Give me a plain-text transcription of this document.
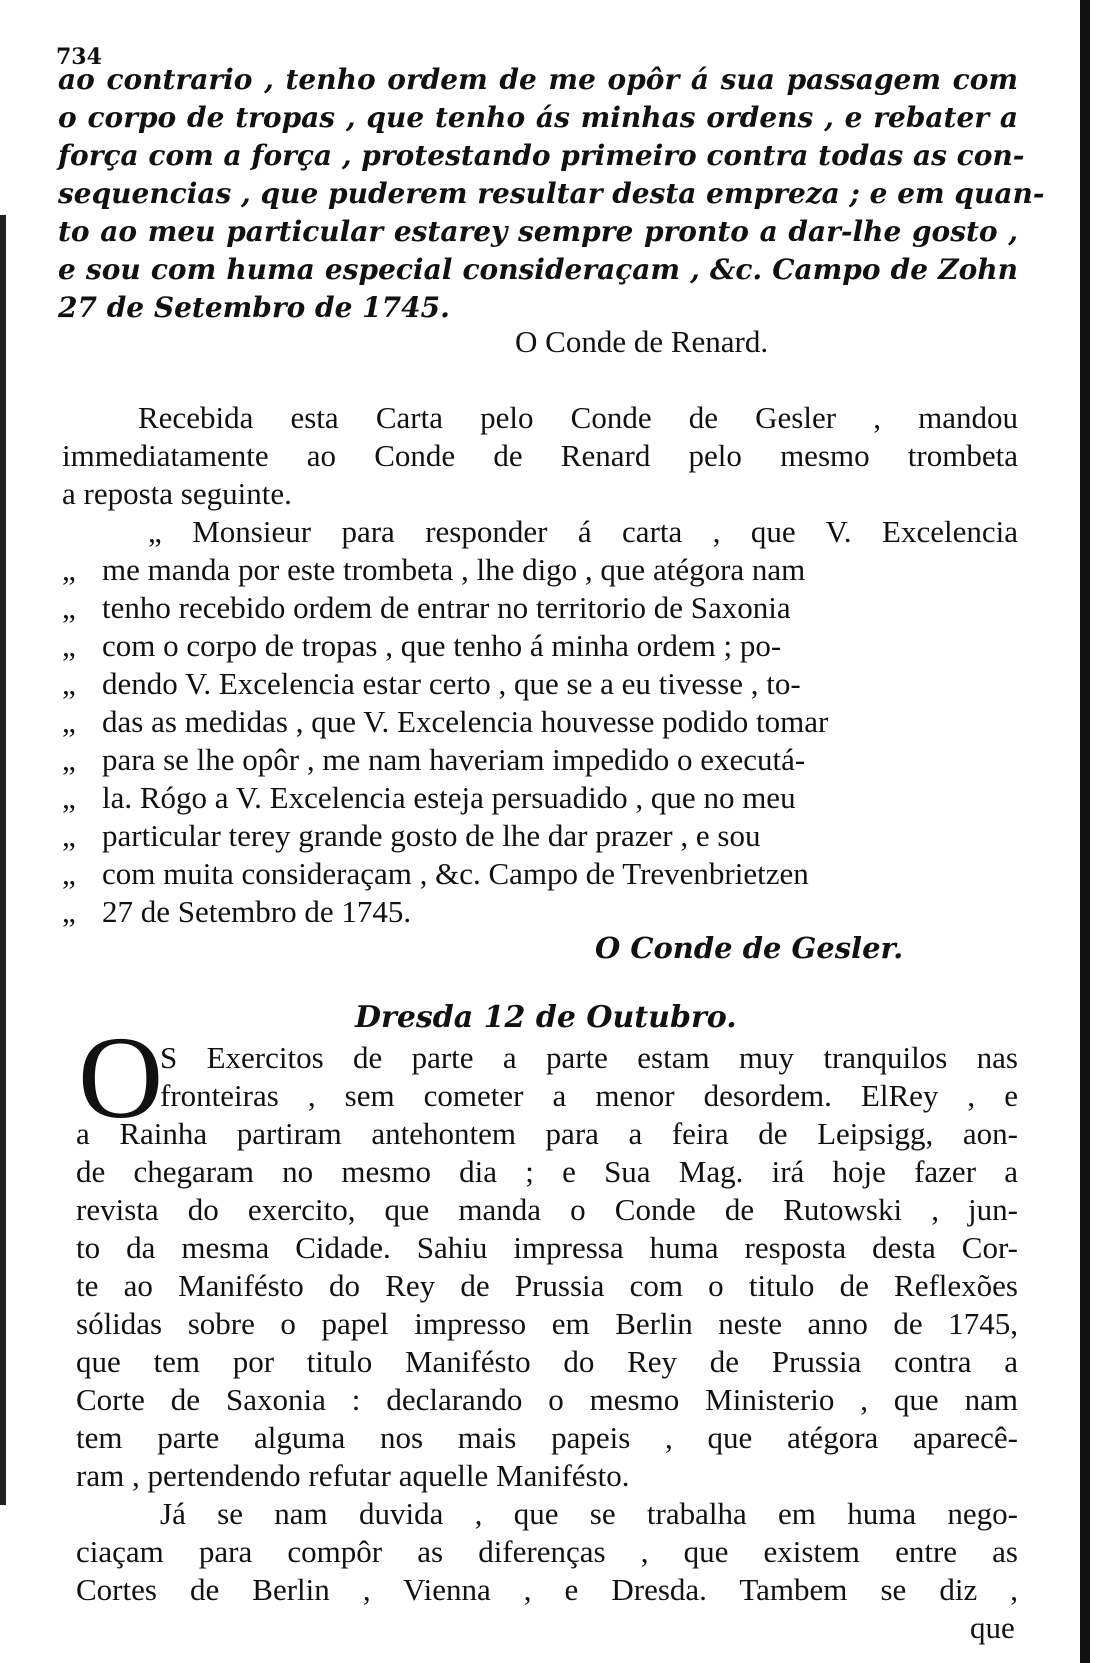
734
ao contrario , tenho ordem de me opôr á sua passagem com
o corpo de tropas , que tenho ás minhas ordens , e rebater a
força com a força , protestando primeiro contra todas as con-
sequencias , que puderem resultar desta empreza ; e em quan-
to ao meu particular estarey sempre pronto a dar-lhe gosto ,
e sou com huma especial consideraçam , &c. Campo de Zohn
27 de Setembro de 1745.
O Conde de Renard.
Recebida esta Carta pelo Conde de Gesler , mandou
immediatamente ao Conde de Renard pelo mesmo trombeta
a reposta seguinte.
„ Monsieur para responder á carta , que V. Excelencia
„ me manda por este trombeta , lhe digo , que atégora nam
„ tenho recebido ordem de entrar no territorio de Saxonia
„ com o corpo de tropas , que tenho á minha ordem ; po-
„ dendo V. Excelencia estar certo , que se a eu tivesse , to-
„ das as medidas , que V. Excelencia houvesse podido tomar
„ para se lhe opôr , me nam haveriam impedido o executá-
„ la. Rógo a V. Excelencia esteja persuadido , que no meu
„ particular terey grande gosto de lhe dar prazer , e sou
„ com muita consideraçam , &c. Campo de Trevenbrietzen
„ 27 de Setembro de 1745.
O Conde de Gesler.
Dresda 12 de Outubro.
O
S Exercitos de parte a parte estam muy tranquilos nas
fronteiras , sem cometer a menor desordem. ElRey , e
a Rainha partiram antehontem para a feira de Leipsigg, aon-
de chegaram no mesmo dia ; e Sua Mag. irá hoje fazer a
revista do exercito, que manda o Conde de Rutowski , jun-
to da mesma Cidade. Sahiu impressa huma resposta desta Cor-
te ao Manifésto do Rey de Prussia com o titulo de Reflexões
sólidas sobre o papel impresso em Berlin neste anno de 1745,
que tem por titulo Manifésto do Rey de Prussia contra a
Corte de Saxonia : declarando o mesmo Ministerio , que nam
tem parte alguma nos mais papeis , que atégora aparecê-
ram , pertendendo refutar aquelle Manifésto.
Já se nam duvida , que se trabalha em huma nego-
ciaçam para compôr as diferenças , que existem entre as
Cortes de Berlin , Vienna , e Dresda. Tambem se diz ,
que
